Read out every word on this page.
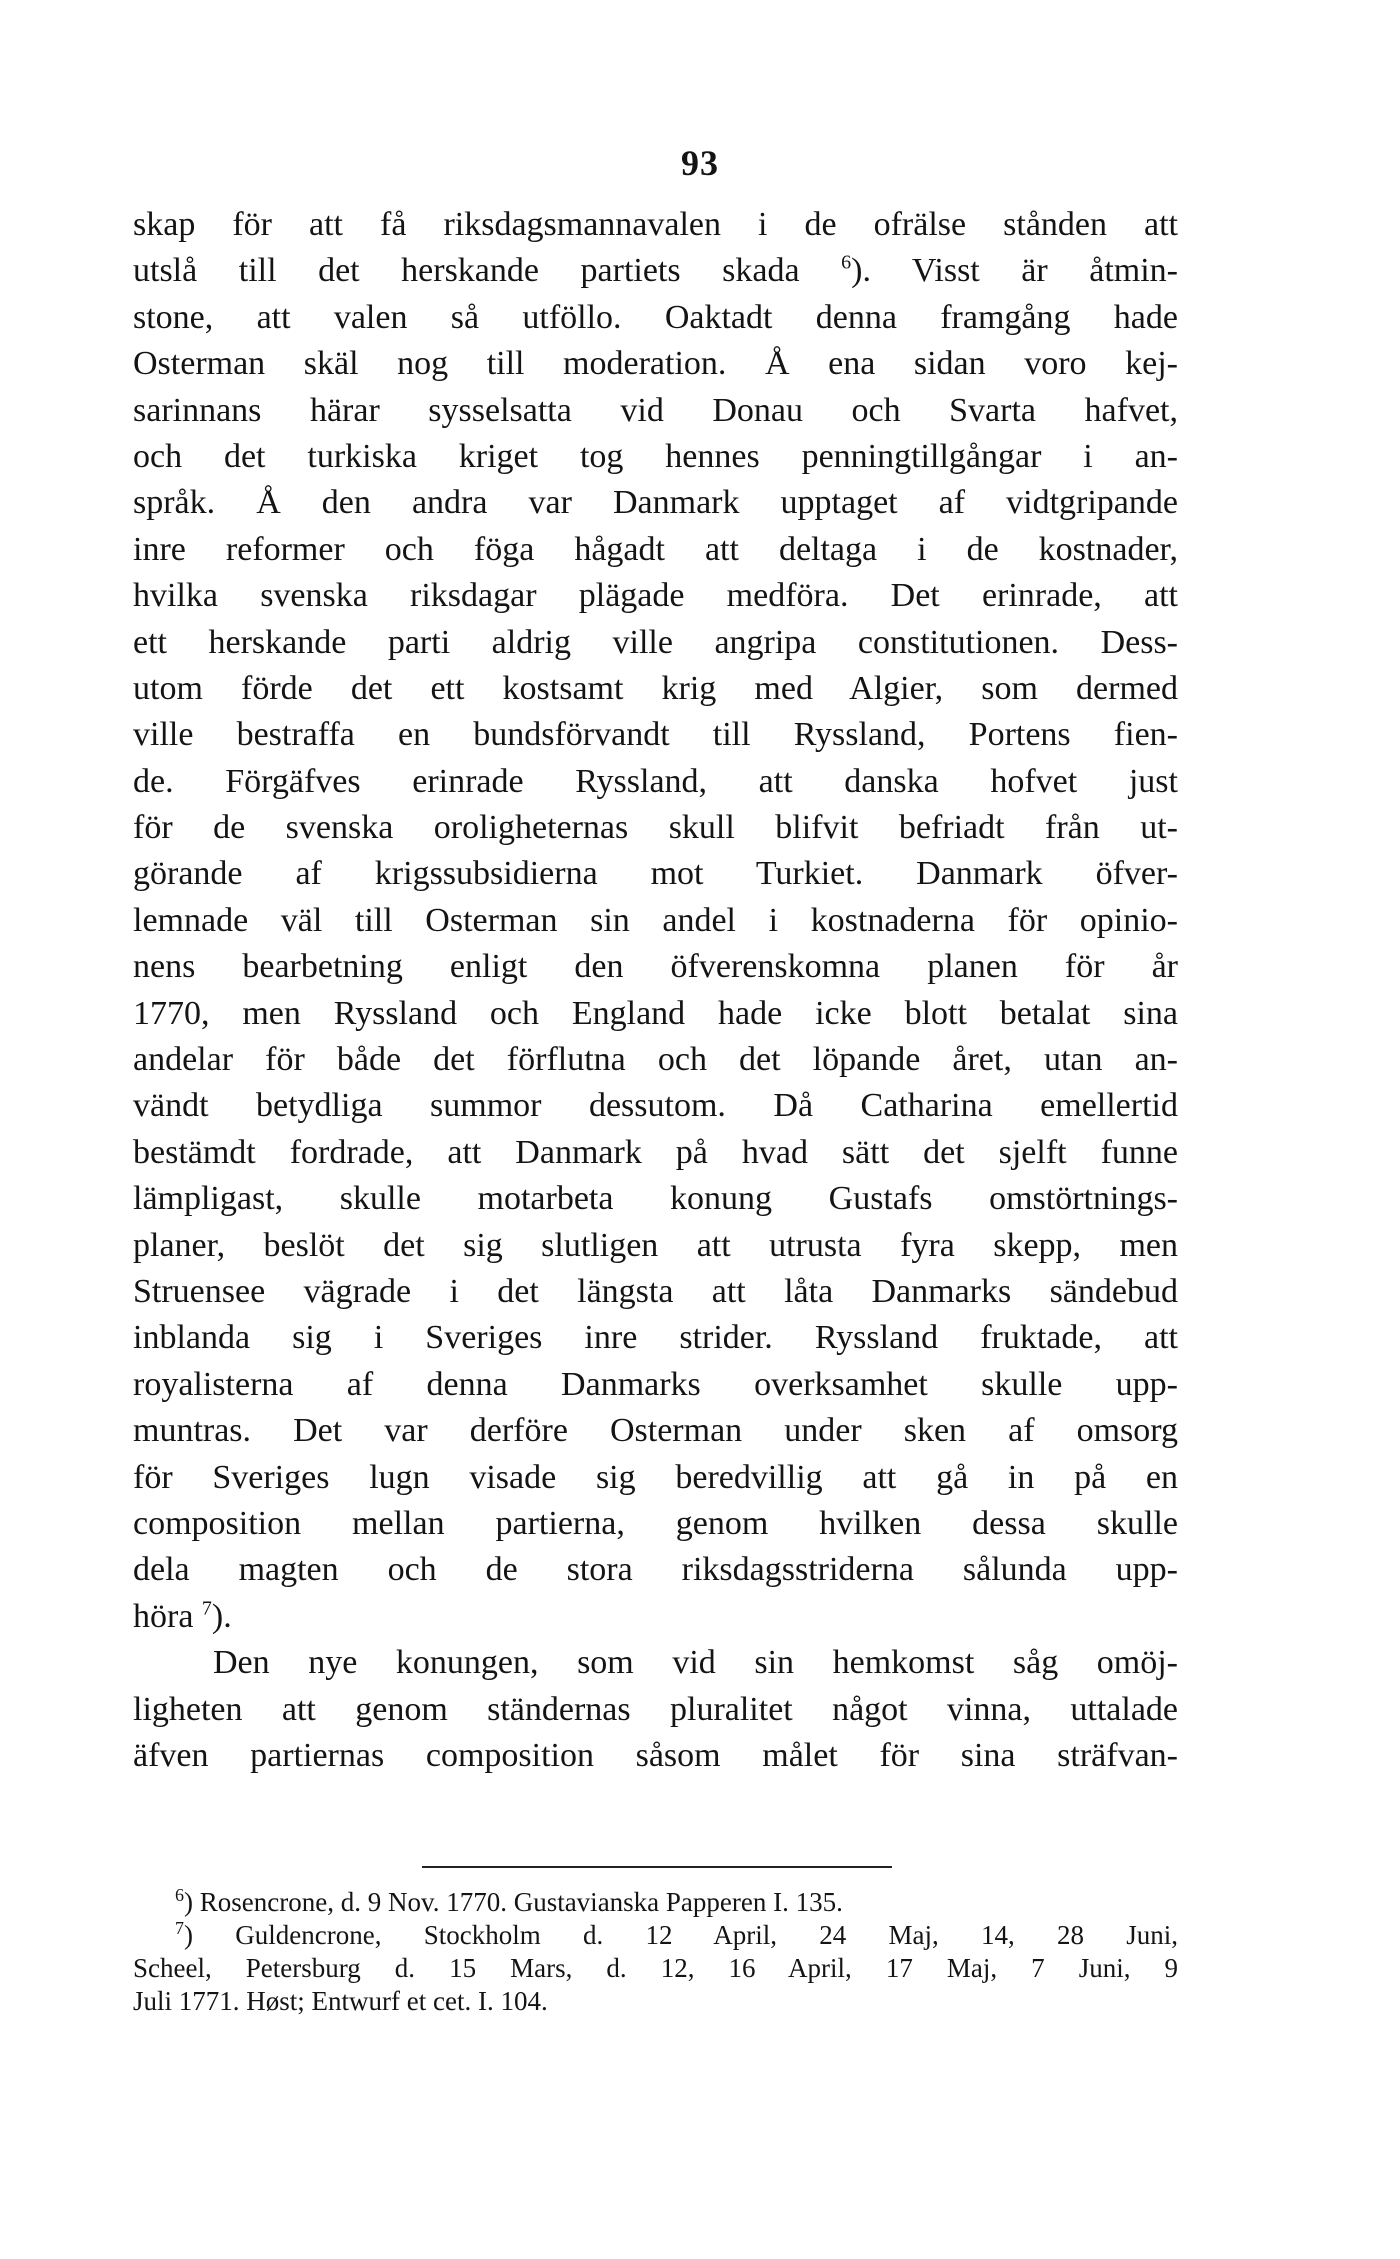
93
skap för att få riksdagsmannavalen i de ofrälse stånden att
utslå till det herskande partiets skada $^6$). Visst är åtmin-
stone, att valen så utföllo. Oaktadt denna framgång hade
Osterman skäl nog till moderation. Å ena sidan voro kej-
sarinnans härar sysselsatta vid Donau och Svarta hafvet,
och det turkiska kriget tog hennes penningtillgångar i an-
språk. Å den andra var Danmark upptaget af vidtgripande
inre reformer och föga hågadt att deltaga i de kostnader,
hvilka svenska riksdagar plägade medföra. Det erinrade, att
ett herskande parti aldrig ville angripa constitutionen. Dess-
utom förde det ett kostsamt krig med Algier, som dermed
ville bestraffa en bundsförvandt till Ryssland, Portens fien-
de. Förgäfves erinrade Ryssland, att danska hofvet just
för de svenska oroligheternas skull blifvit befriadt från ut-
görande af krigssubsidierna mot Turkiet. Danmark öfver-
lemnade väl till Osterman sin andel i kostnaderna för opinio-
nens bearbetning enligt den öfverenskomna planen för år
1770, men Ryssland och England hade icke blott betalat sina
andelar för både det förflutna och det löpande året, utan an-
vändt betydliga summor dessutom. Då Catharina emellertid
bestämdt fordrade, att Danmark på hvad sätt det sjelft funne
lämpligast, skulle motarbeta konung Gustafs omstörtnings-
planer, beslöt det sig slutligen att utrusta fyra skepp, men
Struensee vägrade i det längsta att låta Danmarks sändebud
inblanda sig i Sveriges inre strider. Ryssland fruktade, att
royalisterna af denna Danmarks overksamhet skulle upp-
muntras. Det var derföre Osterman under sken af omsorg
för Sveriges lugn visade sig beredvillig att gå in på en
composition mellan partierna, genom hvilken dessa skulle
dela magten och de stora riksdagsstriderna sålunda upp-
höra $^7$).
Den nye konungen, som vid sin hemkomst såg omöj-
ligheten att genom ständernas pluralitet något vinna, uttalade
äfven partiernas composition såsom målet för sina sträfvan-
$^6$) Rosencrone, d. 9 Nov. 1770. Gustavianska Papperen I. 135.
$^7$) Guldencrone, Stockholm d. 12 April, 24 Maj, 14, 28 Juni,
Scheel, Petersburg d. 15 Mars, d. 12, 16 April, 17 Maj, 7 Juni, 9
Juli 1771. Høst; Entwurf et cet. I. 104.
